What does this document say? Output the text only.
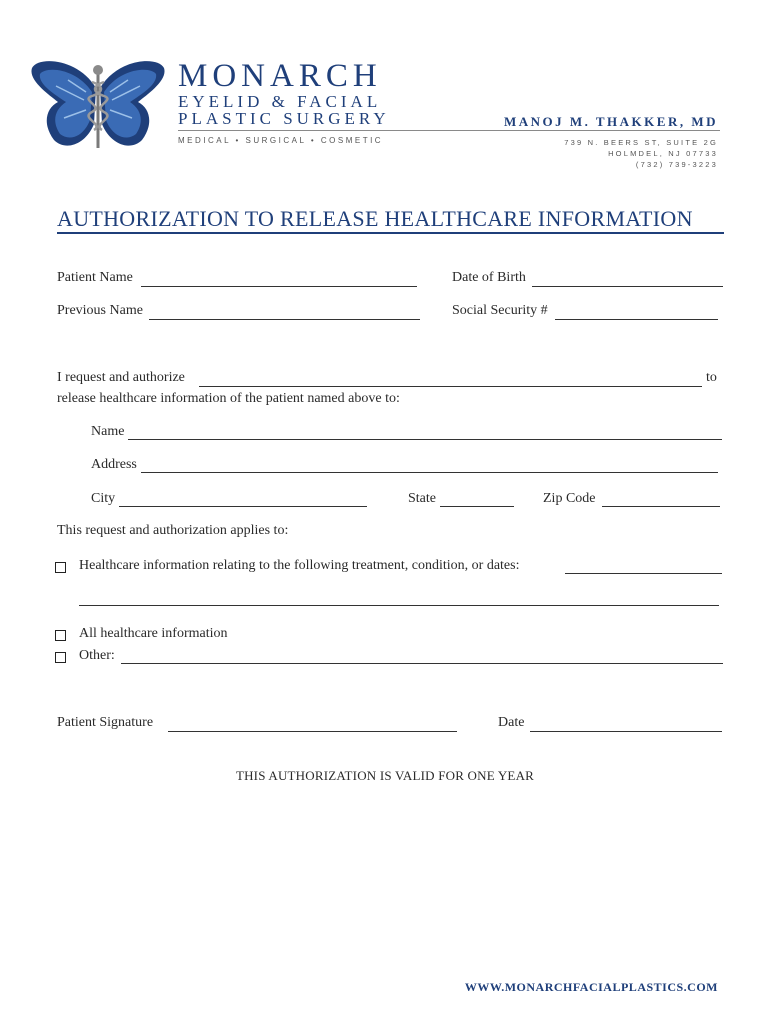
MONARCH
EYELID & FACIAL
PLASTIC SURGERY
MEDICAL • SURGICAL • COSMETIC
MANOJ M. THAKKER, MD
739 N. BEERS ST, SUITE 2G
HOLMDEL, NJ 07733
(732) 739-3223
AUTHORIZATION TO RELEASE HEALTHCARE INFORMATION
Patient Name	Date of Birth
Previous Name	Social Security #
I request and authorize	to
release healthcare information of the patient named above to:
Name
Address
City	State	Zip Code
This request and authorization applies to:
Healthcare information relating to the following treatment, condition, or dates:
All healthcare information
Other:
Patient Signature	Date
THIS AUTHORIZATION IS VALID FOR ONE YEAR
WWW.MONARCHFACIALPLASTICS.COM
